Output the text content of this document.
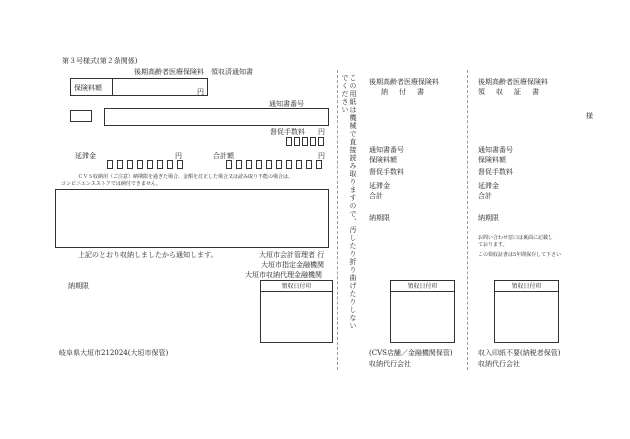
第３号様式(第２条関係)
後期高齢者医療保険料　領収済通知書
保険料額	円
通知書番号
督促手数料 円
延滞金	円	合計額	円
ＣＶＳ収納用（ご注意）納期限を過ぎた場合、金額を訂正した場合又は読み取り不能の場合は、
コンビニエンスストアでは納付できません。
上記のとおり収納しましたから通知します。	大垣市会計管理者 行
大垣市指定金融機関
大垣市収納代理金融機関
納期限	領収日付印
岐阜県大垣市212024(大垣市保管)
この用紙は機械で直接読み取りますので、汚したり折り曲げたりしないでください	後期高齢者医療保険料
納　付　書
通知書番号
保険料額
督促手数料
延滞金
合計
納期限
領収日付印
(CVS店舗／金融機関保管)
収納代行会社
後期高齢者医療保険料
領　収　証　書
様
通知書番号
保険料額
督促手数料
延滞金
合計
納期限
お問い合わせ窓口は裏面に記載し
ております。
この領収証書は5年間保存して下さい
領収日付印
収入印紙不要(納税者保管)
収納代行会社
